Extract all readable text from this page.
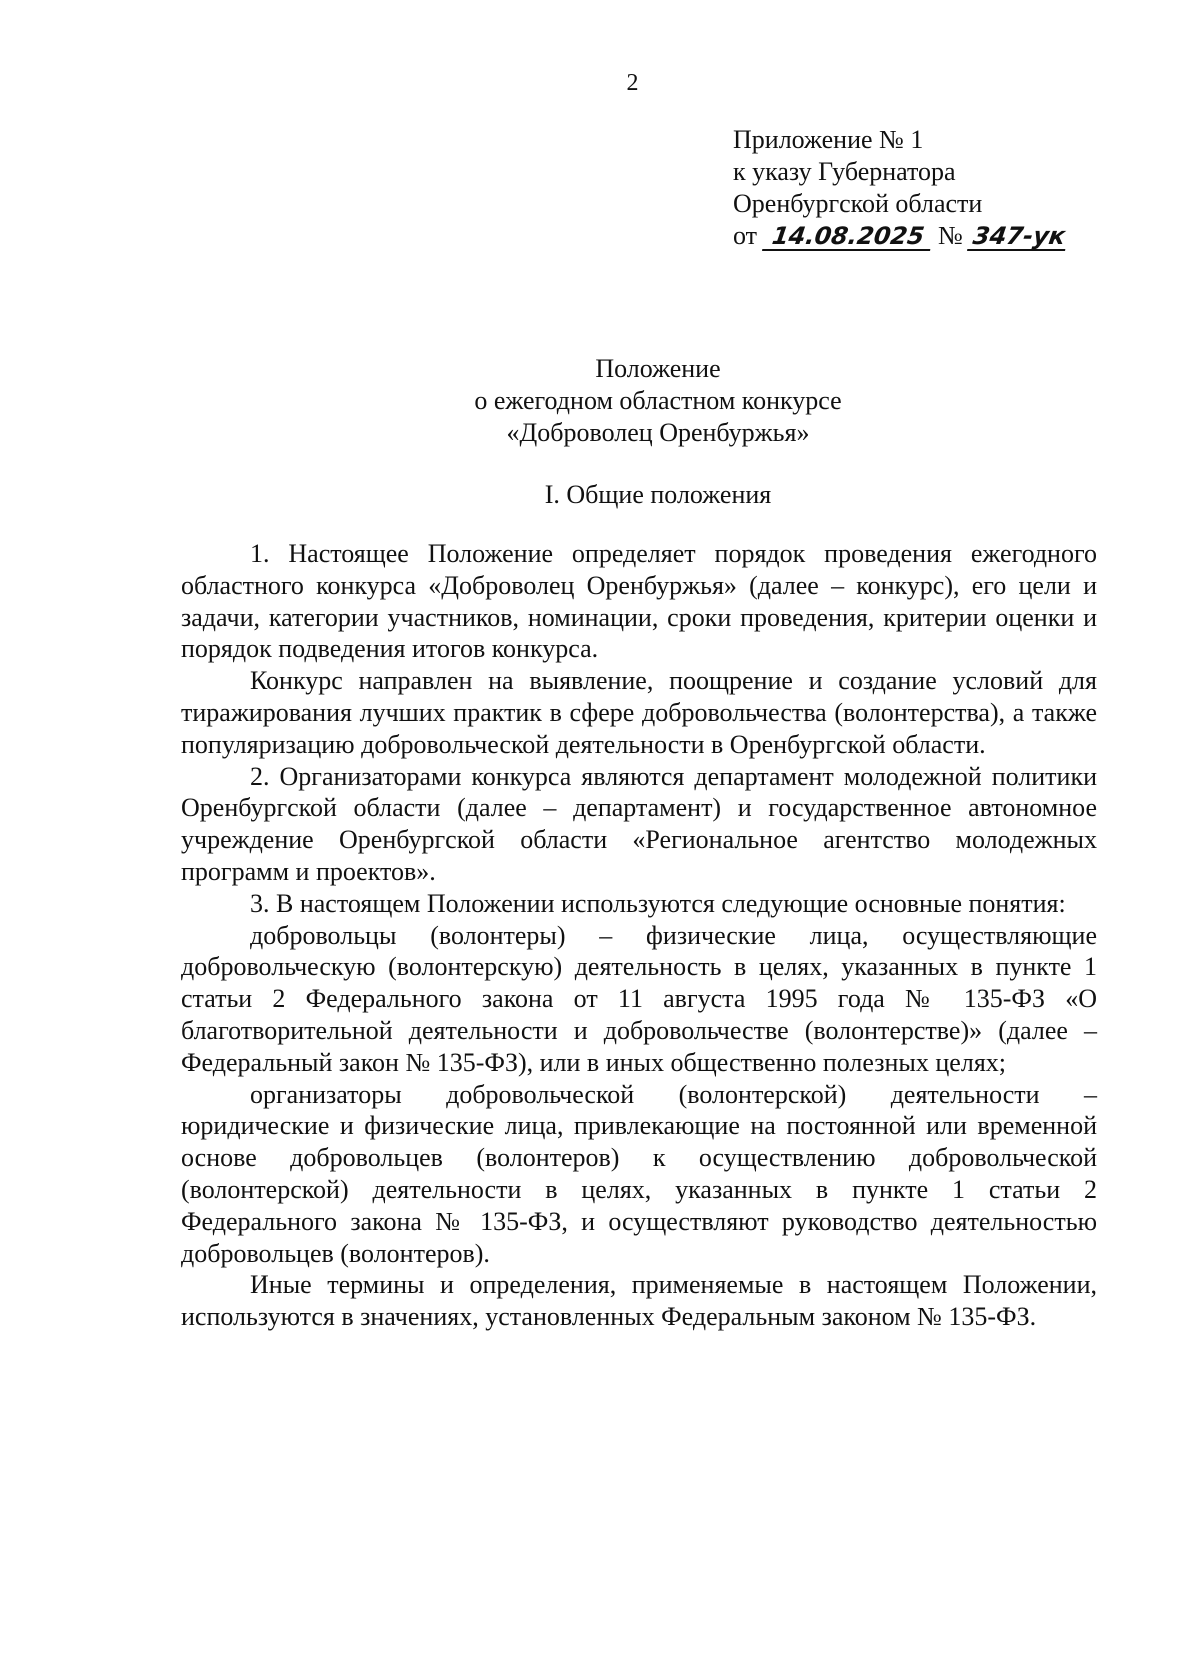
2
Приложение № 1
к указу Губернатора
Оренбургской области
от 14.08.2025 № 347-ук
Положение
о ежегодном областном конкурсе
«Доброволец Оренбуржья»
I. Общие положения

1. Настоящее Положение определяет порядок проведения ежегодного областного конкурса «Доброволец Оренбуржья» (далее – конкурс), его цели и задачи, категории участников, номинации, сроки проведения, критерии оценки и порядок подведения итогов конкурса.

Конкурс направлен на выявление, поощрение и создание условий для тиражирования лучших практик в сфере добровольчества (волонтерства), а также популяризацию добровольческой деятельности в Оренбургской области.

2. Организаторами конкурса являются департамент молодежной политики Оренбургской области (далее – департамент) и государственное автономное учреждение Оренбургской области «Региональное агентство молодежных программ и проектов».

3. В настоящем Положении используются следующие основные понятия:

добровольцы (волонтеры) – физические лица, осуществляющие добровольческую (волонтерскую) деятельность в целях, указанных в пункте 1 статьи 2 Федерального закона от 11 августа 1995 года № 135-ФЗ «О благотворительной деятельности и добровольчестве (волонтерстве)» (далее – Федеральный закон № 135-ФЗ), или в иных общественно полезных целях;

организаторы добровольческой (волонтерской) деятельности – юридические и физические лица, привлекающие на постоянной или временной основе добровольцев (волонтеров) к осуществлению добровольческой (волонтерской) деятельности в целях, указанных в пункте 1 статьи 2 Федерального закона № 135-ФЗ, и осуществляют руководство деятельностью добровольцев (волонтеров).

Иные термины и определения, применяемые в настоящем Положении, используются в значениях, установленных Федеральным законом № 135-ФЗ.
